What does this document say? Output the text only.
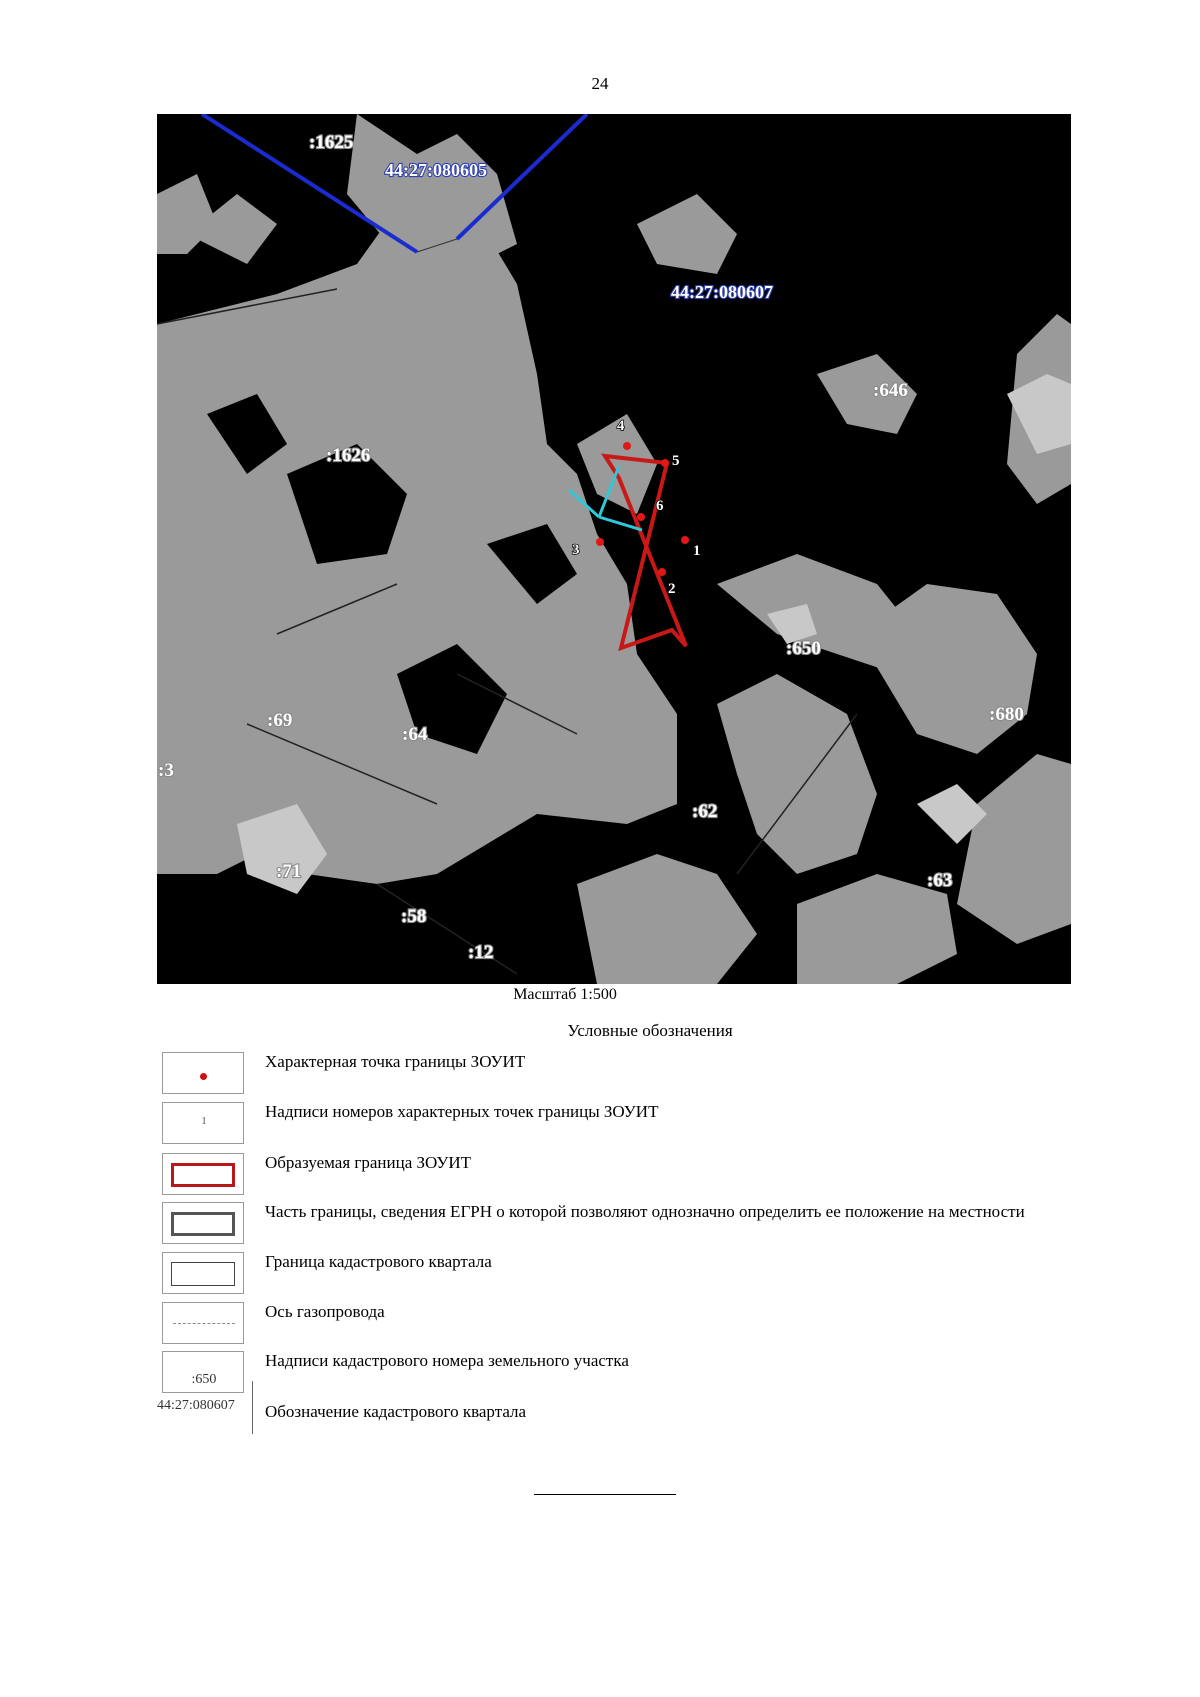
24
1
2
3
4
5
6
44:27:080605
44:27:080607
:1625
:1626
:646
:650
:680
:69
:64
:3
:62
:71
:58
:12
:63
Масштаб 1:500
Условные обозначения
Характерная точка границы ЗОУИТ
1	Надписи номеров характерных точек границы ЗОУИТ
Образуемая граница ЗОУИТ
Часть границы, сведения ЕГРН о которой позволяют однозначно определить ее положение на местности
Граница кадастрового квартала
Ось газопровода
:650
Надписи кадастрового номера земельного участка
44:27:080607 Обозначение кадастрового квартала
